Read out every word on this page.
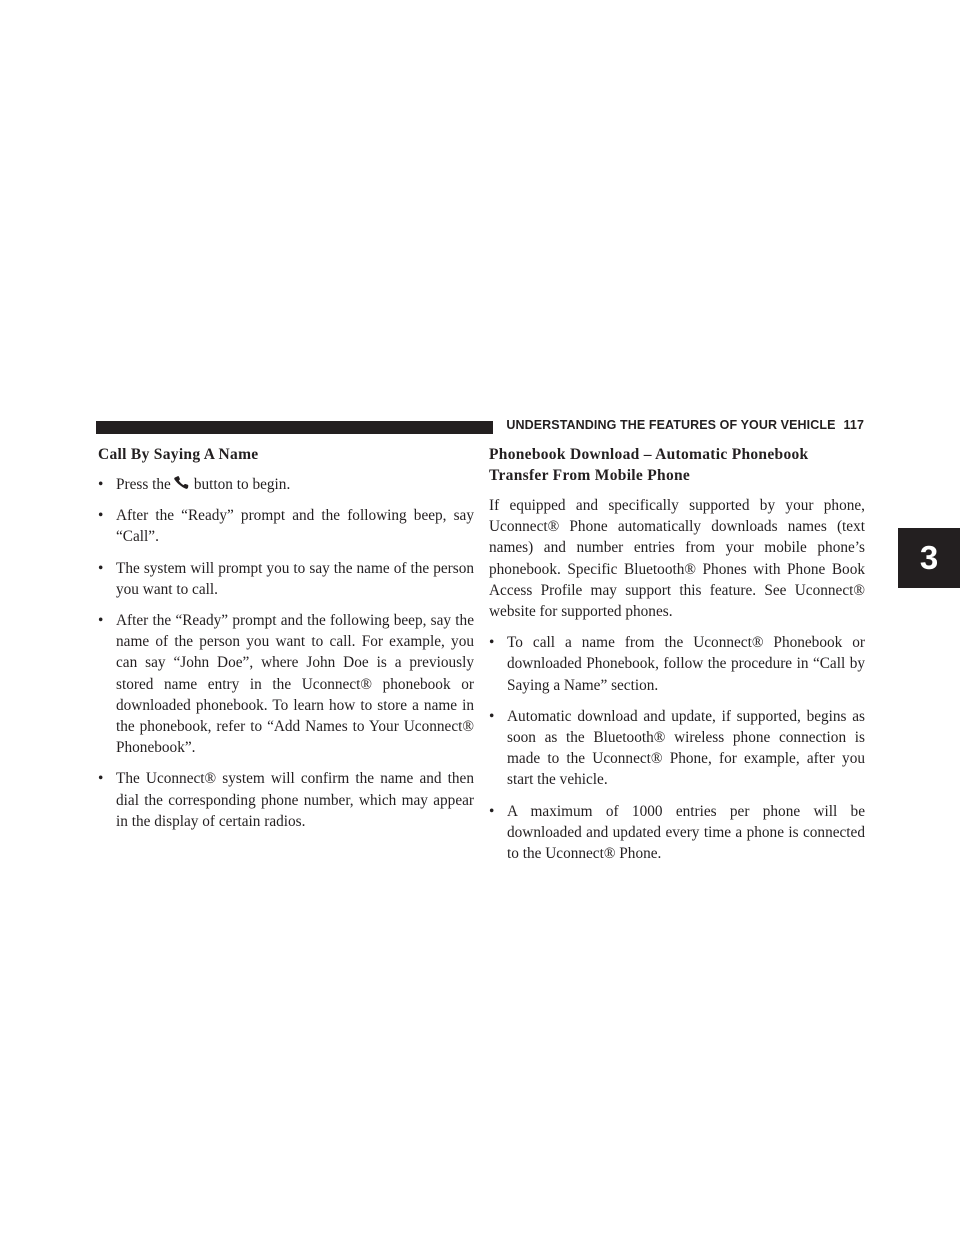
UNDERSTANDING THE FEATURES OF YOUR VEHICLE 117
3
Call By Saying A Name
• Press the button to begin.
• After the “Ready” prompt and the following beep, say “Call”.
• The system will prompt you to say the name of the person you want to call.
• After the “Ready” prompt and the following beep, say the name of the person you want to call. For example, you can say “John Doe”, where John Doe is a previously stored name entry in the Uconnect® phonebook or downloaded phonebook. To learn how to store a name in the phonebook, refer to “Add Names to Your Uconnect® Phonebook”.
• The Uconnect® system will confirm the name and then dial the corresponding phone number, which may appear in the display of certain radios.
Phonebook Download – Automatic Phonebook Transfer From Mobile Phone

If equipped and specifically supported by your phone, Uconnect® Phone automatically downloads names (text names) and number entries from your mobile phone’s phonebook. Specific Bluetooth® Phones with Phone Book Access Profile may support this feature. See Uconnect® website for supported phones.

• To call a name from the Uconnect® Phonebook or downloaded Phonebook, follow the procedure in “Call by Saying a Name” section.
• Automatic download and update, if supported, begins as soon as the Bluetooth® wireless phone connection is made to the Uconnect® Phone, for example, after you start the vehicle.
• A maximum of 1000 entries per phone will be downloaded and updated every time a phone is connected to the Uconnect® Phone.
